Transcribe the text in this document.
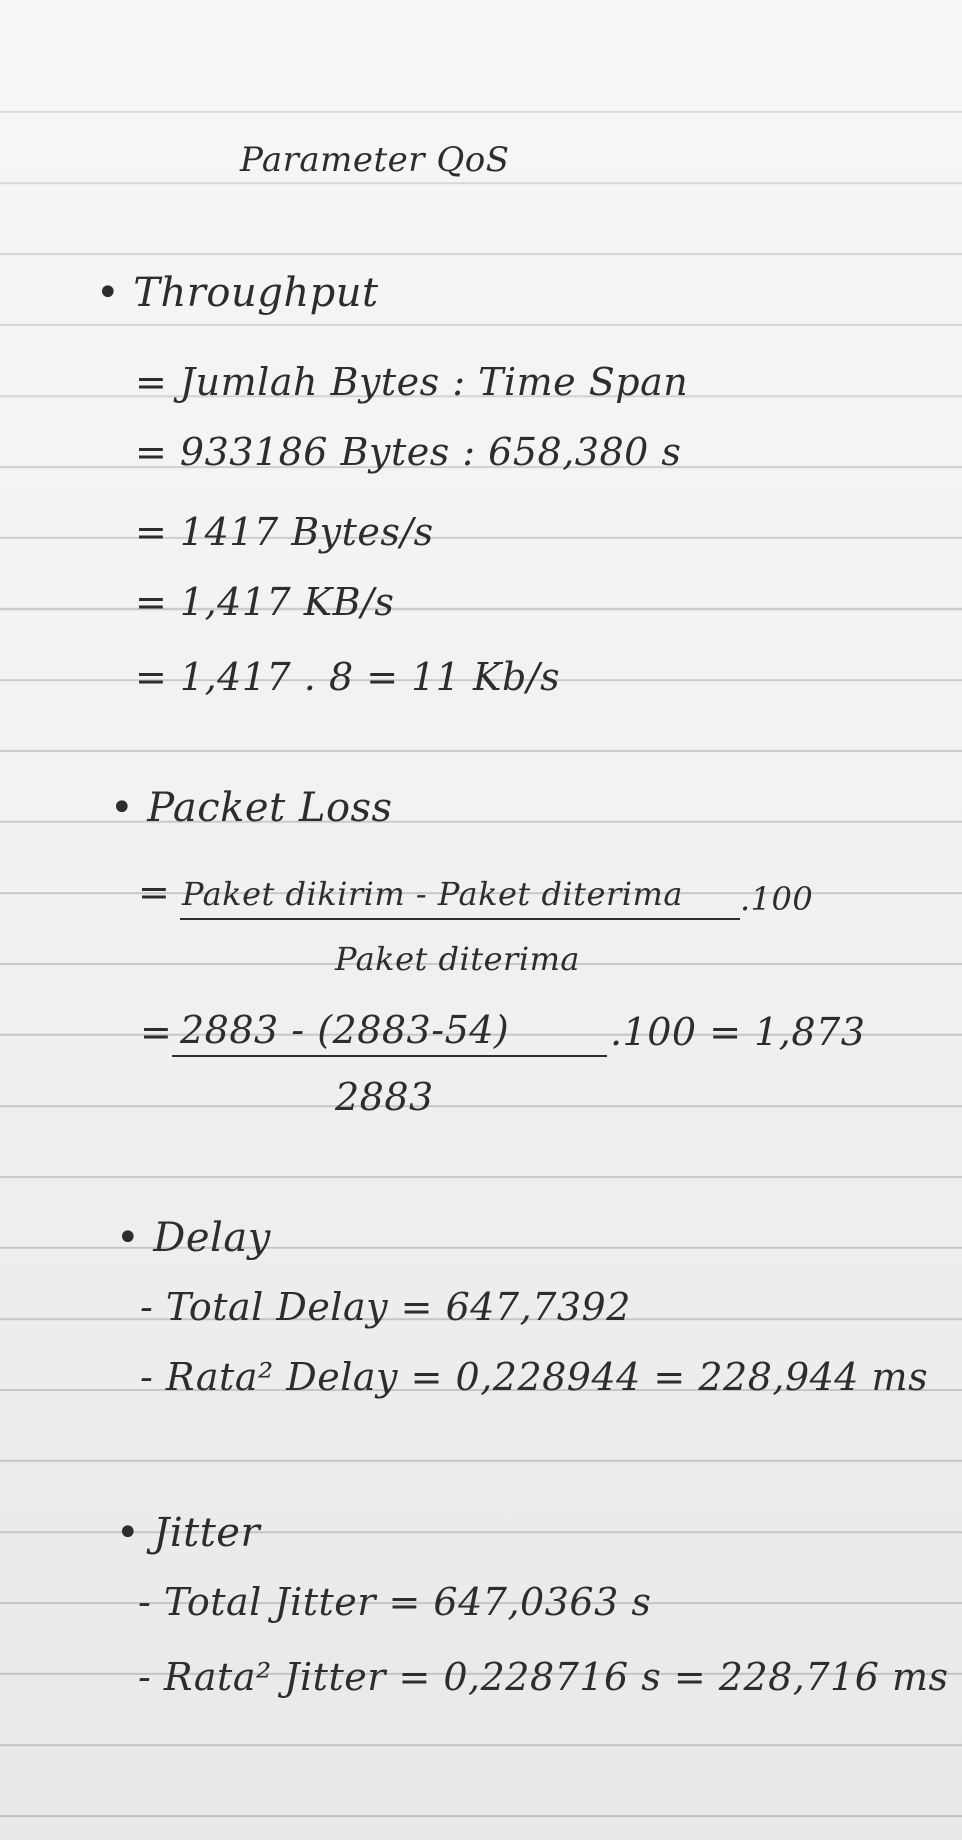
Parameter QoS
• Throughput
= Jumlah Bytes : Time Span
= 933186 Bytes : 658,380 s
= 1417 Bytes/s
= 1,417 KB/s
= 1,417 . 8 = 11 Kb/s
• Packet Loss
= Paket dikirim - Paket diterima .100
Paket diterima
= 2883 - (2883-54)	.100 = 1,873
2883
• Delay
- Total Delay = 647,7392
- Rata² Delay = 0,228944 = 228,944 ms
• Jitter
- Total Jitter = 647,0363 s
- Rata² Jitter = 0,228716 s = 228,716 ms
